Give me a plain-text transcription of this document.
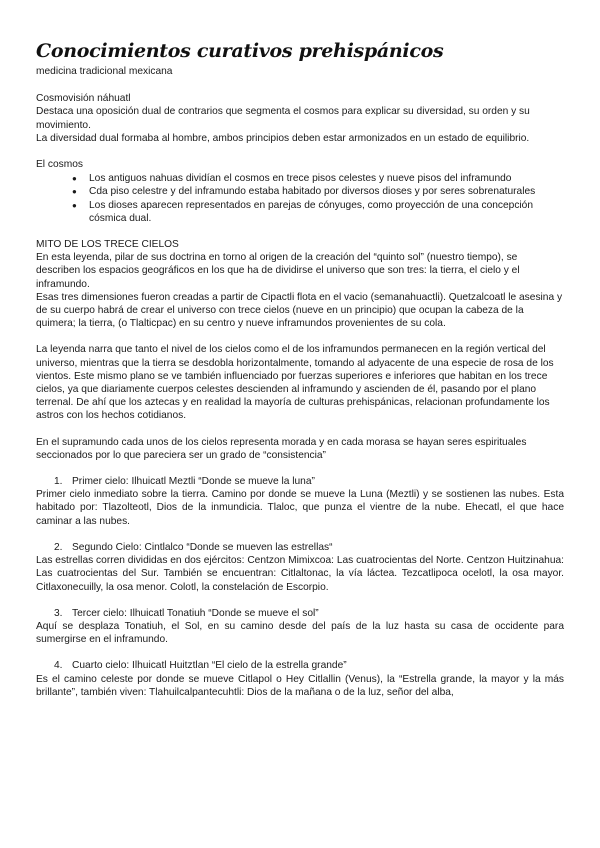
Conocimientos curativos prehispánicos

medicina tradicional mexicana

Cosmovisión náhuatl

Destaca una oposición dual de contrarios que segmenta el cosmos para explicar su diversidad, su orden y su movimiento.

La diversidad dual formaba al hombre, ambos principios deben estar armonizados en un estado de equilibrio.

El cosmos

● Los antiguos nahuas dividían el cosmos en trece pisos celestes y nueve pisos del inframundo
● Cda piso celestre y del inframundo estaba habitado por diversos dioses y por seres sobrenaturales
● Los dioses aparecen representados en parejas de cónyuges, como proyección de una concepción cósmica dual.

MITO DE LOS TRECE CIELOS

En esta leyenda, pilar de sus doctrina en torno al origen de la creación del “quinto sol” (nuestro tiempo), se describen los espacios geográficos en los que ha de dividirse el universo que son tres: la tierra, el cielo y el inframundo.

Esas tres dimensiones fueron creadas a partir de Cipactli flota en el vacio (semanahuactli). Quetzalcoatl le asesina y de su cuerpo habrá de crear el universo con trece cielos (nueve en un principio) que ocupan la cabeza de la quimera; la tierra, (o Tlalticpac) en su centro y nueve inframundos provenientes de su cola.

La leyenda narra que tanto el nivel de los cielos como el de los inframundos permanecen en la región vertical del universo, mientras que la tierra se desdobla horizontalmente, tomando al adyacente de una especie de rosa de los vientos. Este mismo plano se ve también influenciado por fuerzas superiores e inferiores que habitan en los trece cielos, ya que diariamente cuerpos celestes descienden al inframundo y ascienden de él, pasando por el plano terrenal. De ahí que los aztecas y en realidad la mayoría de culturas prehispánicas, relacionan profundamente los astros con los hechos cotidianos.

En el supramundo cada unos de los cielos representa morada y en cada morasa se hayan seres espirituales seccionados por lo que pareciera ser un grado de “consistencia”

1. Primer cielo: Ilhuicatl Meztli “Donde se mueve la luna”

Primer cielo inmediato sobre la tierra. Camino por donde se mueve la Luna (Meztli) y se sostienen las nubes. Esta habitado por: Tlazolteotl, Dios de la inmundicia. Tlaloc, que punza el vientre de la nube. Ehecatl, el que hace caminar a las nubes.

2. Segundo Cielo: Cintlalco “Donde se mueven las estrellas“

Las estrellas corren divididas en dos ejércitos: Centzon Mimixcoa: Las cuatrocientas del Norte. Centzon Huitzinahua: Las cuatrocientas del Sur. También se encuentran: Citlaltonac, la vía láctea. Tezcatlipoca ocelotl, la osa mayor. Citlaxonecuilly, la osa menor. Colotl, la constelación de Escorpio.

3. Tercer cielo: Ilhuicatl Tonatiuh “Donde se mueve el sol”

Aquí se desplaza Tonatiuh, el Sol, en su camino desde del país de la luz hasta su casa de occidente para sumergirse en el inframundo.

4. Cuarto cielo: Ilhuicatl Huitztlan “El cielo de la estrella grande”

Es el camino celeste por donde se mueve Citlapol o Hey Citlallin (Venus), la “Estrella grande, la mayor y la más brillante”, también viven: Tlahuilcalpantecuhtli: Dios de la mañana o de la luz, señor del alba,
